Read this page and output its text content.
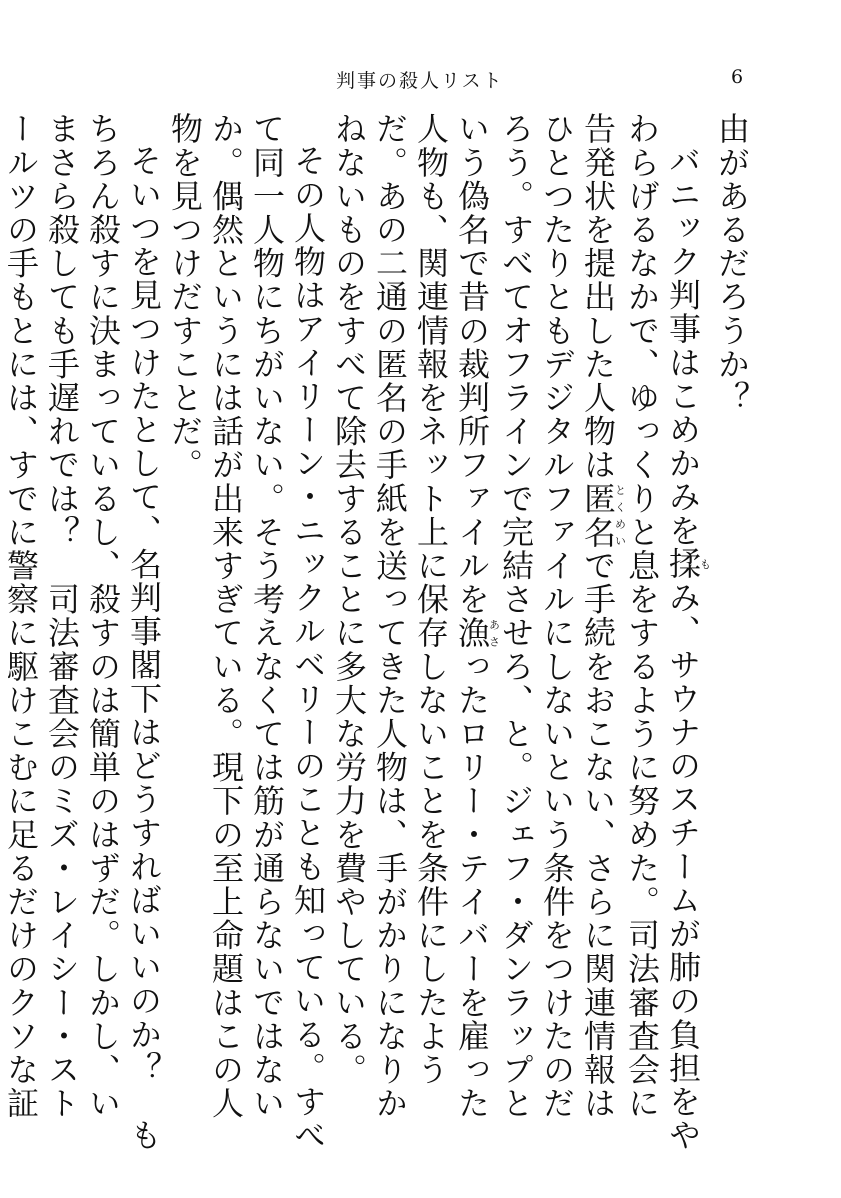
判事の殺人リスト	6

由があるだろうか？

バニック判事はこめかみを揉もみ、サウナのスチームが肺の負担をやわらげるなかで、ゆっくりと息をするように努めた。司法審査会に告発状を提出した人物は匿名とくめいで手続をおこない、さらに関連情報はひとつたりともデジタルファイルにしないという条件をつけたのだろう。すべてオフラインで完結させろ、と。ジェフ・ダンラップという偽名で昔の裁判所ファイルを漁あさったロリー・テイバーを雇った人物も、関連情報をネット上に保存しないことを条件にしたようだ。あの二通の匿名の手紙を送ってきた人物は、手がかりになりかねないものをすべて除去することに多大な労力を費やしている。

その人物はアイリーン・ニックルベリーのことも知っている。すべて同一人物にちがいない。そう考えなくては筋が通らないではないか。偶然というには話が出来すぎている。現下の至上命題はこの人物を見つけだすことだ。

そいつを見つけたとして、名判事閣下はどうすればいいのか？　もちろん殺すに決まっているし、殺すのは簡単のはずだ。しかし、いまさら殺しても手遅れでは？　司法審査会のミズ・レイシー・ストールツの手もとには、すでに警察に駆けこむに足るだけのクソな証　
